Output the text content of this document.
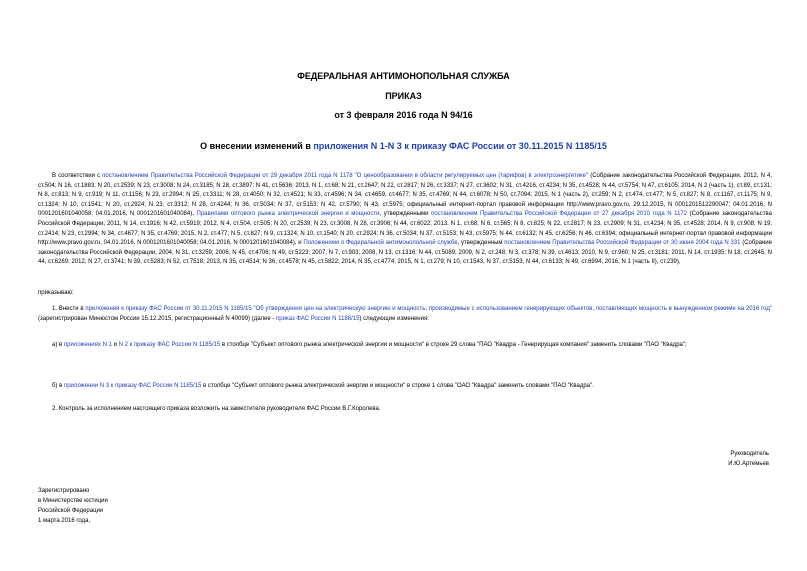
ФЕДЕРАЛЬНАЯ АНТИМОНОПОЛЬНАЯ СЛУЖБА
ПРИКАЗ
от 3 февраля 2016 года N 94/16
О внесении изменений в приложения N 1-N 3 к приказу ФАС России от 30.11.2015 N 1185/15

В соответствии с постановлением Правительства Российской Федерации от 29 декабря 2011 года N 1178 "О ценообразовании в области регулируемых цен (тарифов) в электроэнергетике" (Собрание законодательства Российской Федерации, 2012, N 4, ст.504; N 16, ст.1883; N 20, ст.2539; N 23, ст.3008; N 24, ст.3185; N 28, ст.3897; N 41, ст.5636; 2013, N 1, ст.68; N 21, ст.2647; N 22, ст.2817; N 26, ст.3337; N 27, ст.3602; N 31, ст.4216, ст.4234; N 35, ст.4528; N 44, ст.5754; N 47, ст.6105; 2014, N 2 (часть 1), ст.89, ст.131; N 8, ст.813; N 9, ст.919; N 11, ст.1156; N 23, ст.2994; N 25, ст.3311; N 28, ст.4050; N 32, ст.4521; N 33, ст.4596; N 34, ст.4659, ст.4677; N 35, ст.4769; N 44, ст.6078; N 50, ст.7094; 2015, N 1 (часть 2), ст.259; N 2, ст.474, ст.477; N 5, ст.827; N 8, ст.1167, ст.1175; N 9, ст.1324; N 10, ст.1541; N 20, ст.2924; N 23, ст.3312; N 28, ст.4244; N 36, ст.5034; N 37, ст.5153; N 42, ст.5790; N 43, ст.5975; официальный интернет-портал правовой информации http://www.pravo.gov.ru, 29.12.2015, N 0001201512290047; 04.01.2016, N 0001201601040058; 04.01.2016, N 0001201601040084), Правилами оптового рынка электрической энергии и мощности, утвержденными постановлением Правительства Российской Федерации от 27 декабря 2010 года N 1172 (Собрание законодательства Российской Федерации, 2011, N 14, ст.1916; N 42, ст.5919; 2012, N 4, ст.504, ст.505; N 20, ст.2539; N 23, ст.3008, N 28, ст.3906; N 44, ст.6022; 2013, N 1, ст.68; N 6, ст.565; N 8, ст.825; N 22, ст.2817; N 23, ст.2909; N 31, ст.4234; N 35, ст.4528; 2014, N 9, ст.908; N 19, ст.2414; N 23, ст.2994; N 34, ст.4677; N 35, ст.4769; 2015, N 2, ст.477; N 5, ст.827; N 9, ст.1324; N 10, ст.1540; N 20, ст.2924; N 36, ст.5034; N 37, ст.5153; N 43, ст.5975; N 44, ст.6132; N 45, ст.6256; N 46, ст.6394; официальный интернет-портал правовой информации http://www.pravo.gov.ru, 04.01.2016, N 0001201601040058; 04.01.2016, N 0001201601040084), и Положением о Федеральной антимонопольной службе, утвержденным постановлением Правительства Российской Федерации от 30 июня 2004 года N 331 (Собрание законодательства Российской Федерации, 2004, N 31, ст.3259; 2006, N 45, ст.4706; N 49, ст.5223; 2007, N 7, ст.903; 2008, N 13, ст.1316; N 44, ст.5089; 2009, N 2, ст.248; N 3, ст.378; N 39, ст.4613; 2010, N 9, ст.960; N 25, ст.3181; 2011, N 14, ст.1935; N 18, ст.2645; N 44, ст.6269; 2012, N 27, ст.3741; N 39, ст.5283; N 52, ст.7518; 2013, N 35, ст.4514; N 36, ст.4578; N 45, ст.5822; 2014, N 35, ст.4774; 2015, N 1, ст.279; N 10, ст.1543, N 37, ст.5153, N 44, ст.6133; N 49, ст.6994; 2016, N 1 (часть II), ст.239),

приказываю:

1. Внести в приложения к приказу ФАС России от 30.11.2015 N 1185/15 "Об утверждении цен на электрическую энергию и мощность, производимые с использованием генерирующих объектов, поставляющих мощность в вынужденном режиме на 2016 год" (зарегистрирован Минюстом России 15.12.2015, регистрационный N 40099) (далее - приказ ФАС России N 1188/15) следующие изменения:

а) в приложениях N 1 и N 2 к приказу ФАС России N 1185/15 в столбце "Субъект оптового рынка электрической энергии и мощности" в строке 29 слова "ПАО "Квадра - Генерирущая компания" заменить словами "ПАО "Квадра";

б) в приложении N 3 к приказу ФАС России N 1185/15 в столбце "Субъект оптового рынка электрической энергии и мощности" в строке 1 слова "ОАО "Квадра" заменить словами "ПАО "Квадра".

2. Контроль за исполнением настоящего приказа возложить на заместителя руководителя ФАС России В.Г.Королева.

Руководитель
И.Ю.Артемьев
Зарегистрировано
в Министерстве юстиции
Российской Федерации
1 марта 2016 года,
